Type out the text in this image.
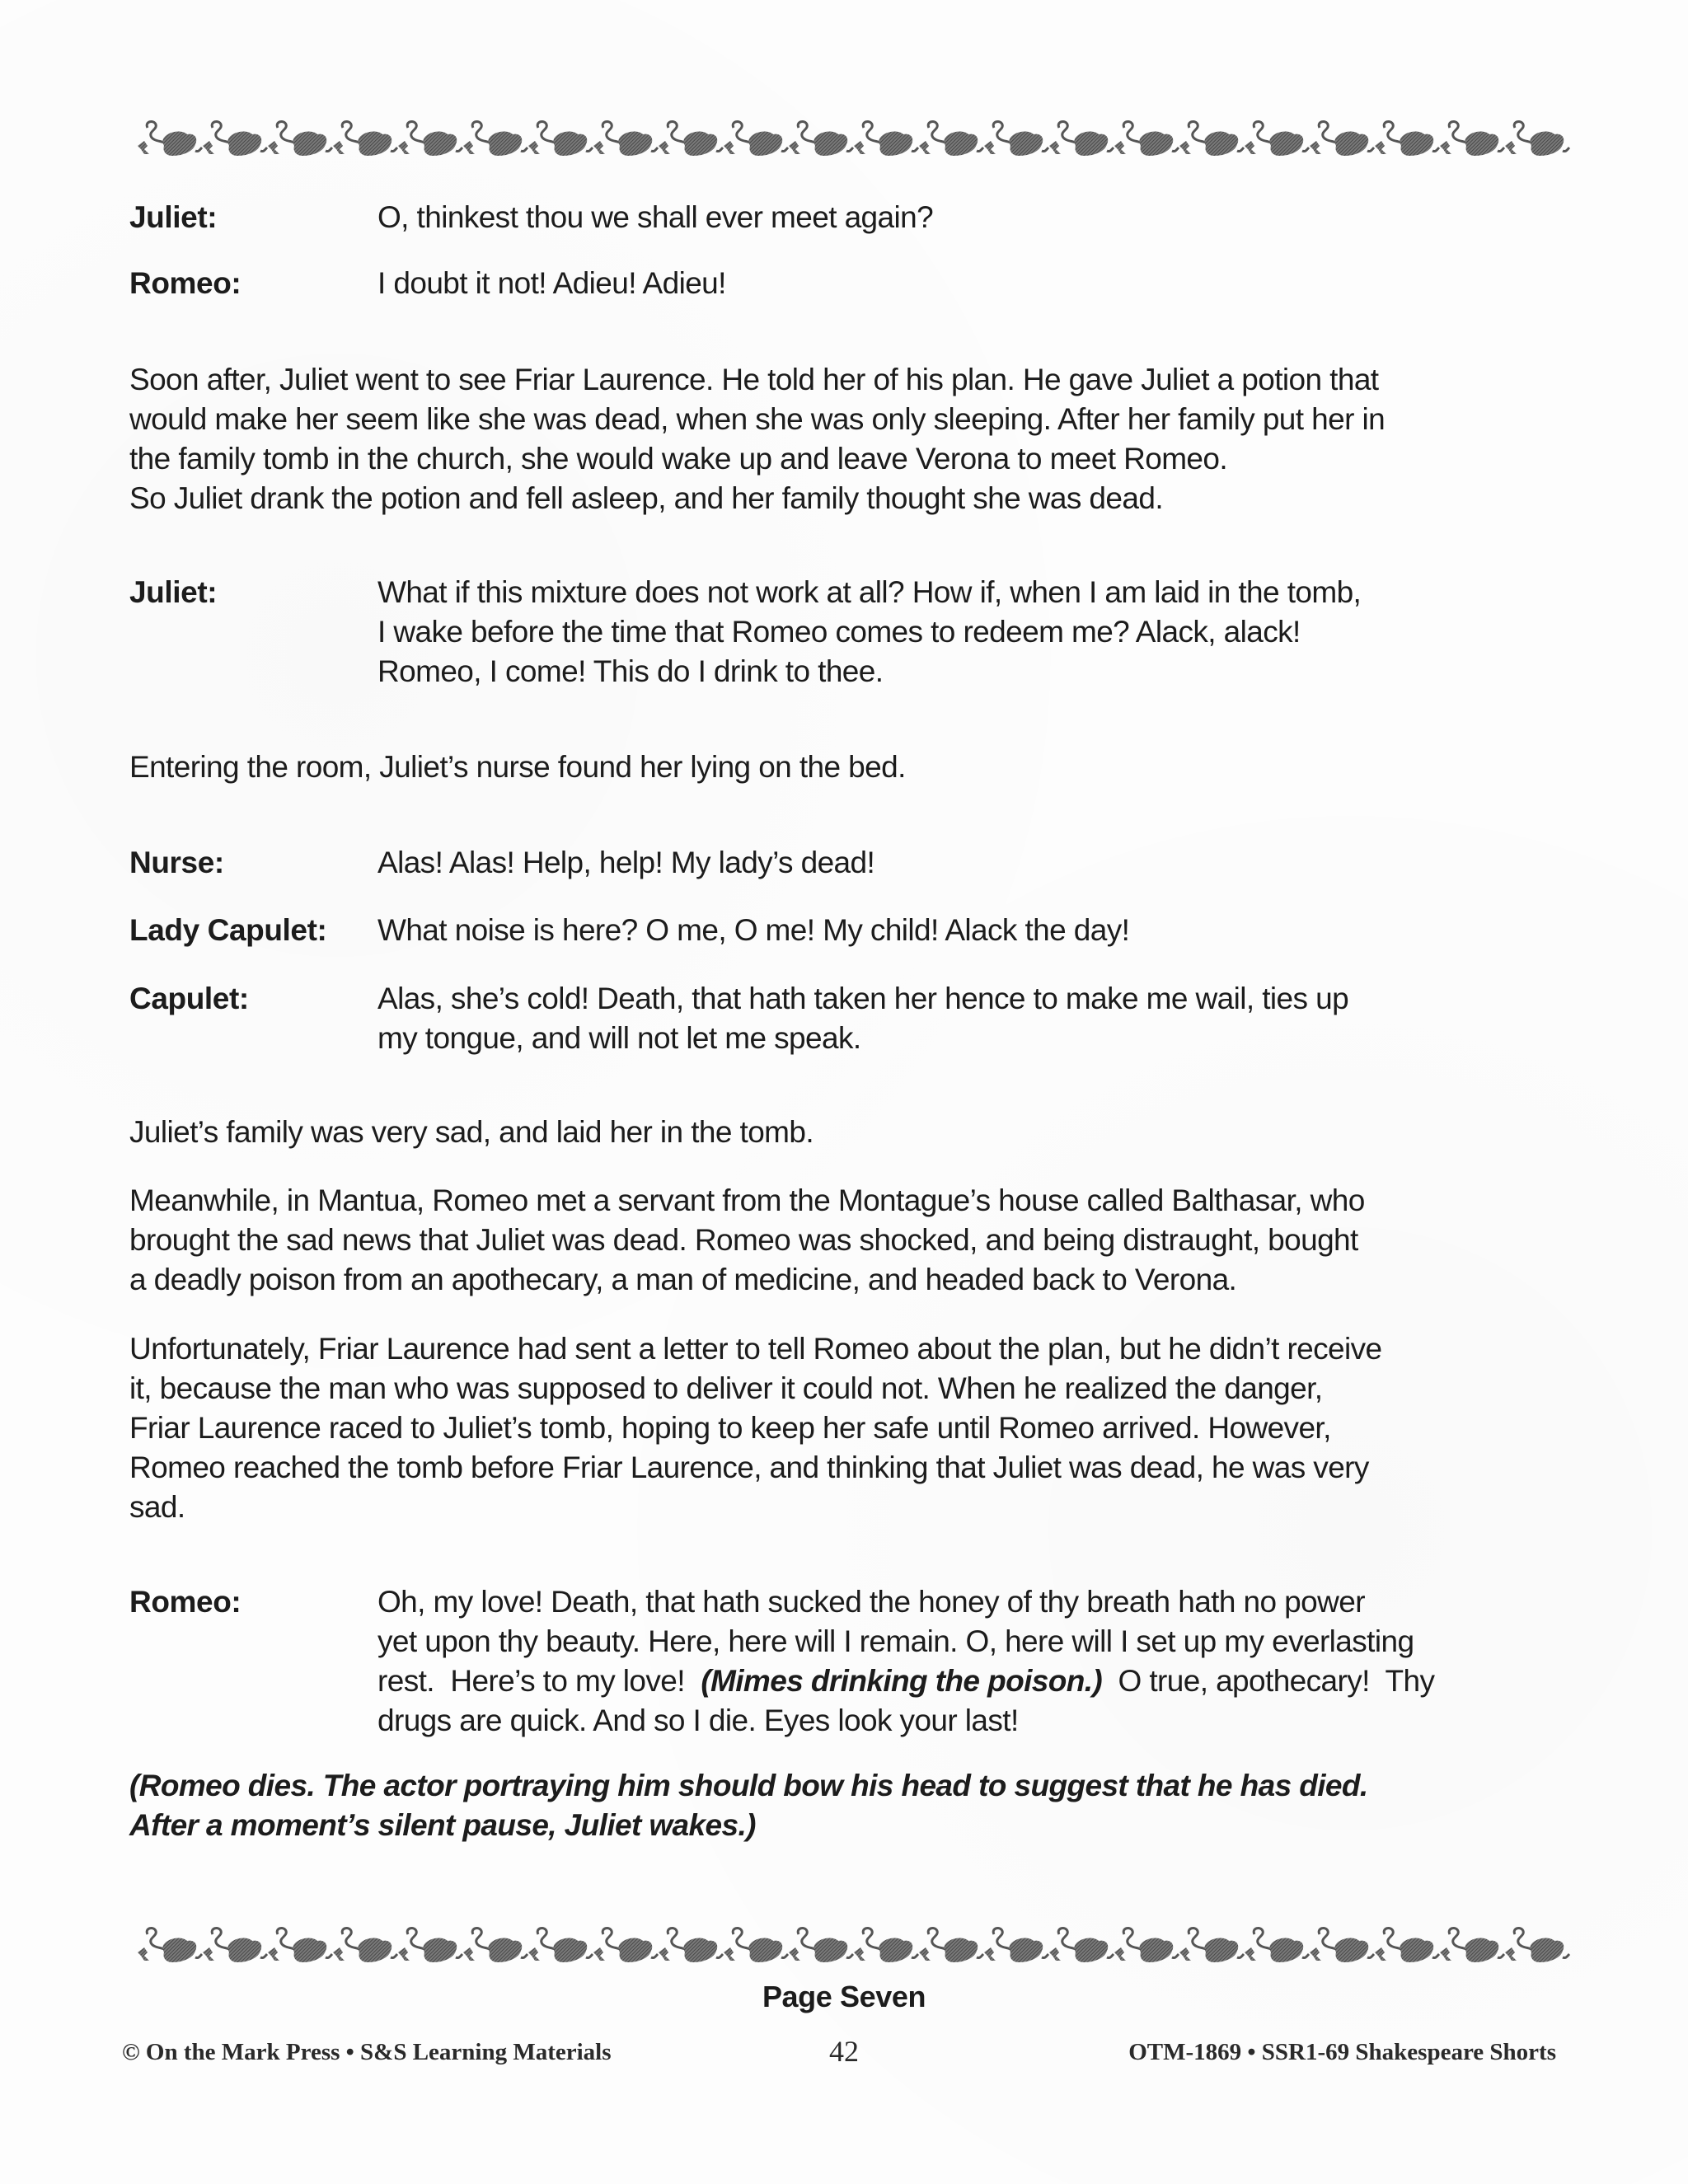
Juliet:	O, thinkest thou we shall ever meet again?
Romeo:	I doubt it not! Adieu! Adieu!
Soon after, Juliet went to see Friar Laurence. He told her of his plan. He gave Juliet a potion that
would make her seem like she was dead, when she was only sleeping. After her family put her in
the family tomb in the church, she would wake up and leave Verona to meet Romeo.
So Juliet drank the potion and fell asleep, and her family thought she was dead.
Juliet:	What if this mixture does not work at all? How if, when I am laid in the tomb,
I wake before the time that Romeo comes to redeem me? Alack, alack!
Romeo, I come! This do I drink to thee.
Entering the room, Juliet’s nurse found her lying on the bed.
Nurse:	Alas! Alas! Help, help! My lady’s dead!
Lady Capulet: What noise is here? O me, O me! My child! Alack the day!
Capulet:	Alas, she’s cold! Death, that hath taken her hence to make me wail, ties up
my tongue, and will not let me speak.
Juliet’s family was very sad, and laid her in the tomb.
Meanwhile, in Mantua, Romeo met a servant from the Montague’s house called Balthasar, who
brought the sad news that Juliet was dead. Romeo was shocked, and being distraught, bought
a deadly poison from an apothecary, a man of medicine, and headed back to Verona.
Unfortunately, Friar Laurence had sent a letter to tell Romeo about the plan, but he didn’t receive
it, because the man who was supposed to deliver it could not. When he realized the danger,
Friar Laurence raced to Juliet’s tomb, hoping to keep her safe until Romeo arrived. However,
Romeo reached the tomb before Friar Laurence, and thinking that Juliet was dead, he was very
sad.
Romeo:	Oh, my love! Death, that hath sucked the honey of thy breath hath no power
yet upon thy beauty. Here, here will I remain. O, here will I set up my everlasting
rest.  Here’s to my love!  (Mimes drinking the poison.)  O true, apothecary!  Thy
drugs are quick. And so I die. Eyes look your last!
(Romeo dies. The actor portraying him should bow his head to suggest that he has died.
After a moment’s silent pause, Juliet wakes.)
Page Seven
© On the Mark Press • S&S Learning Materials	42	OTM-1869 • SSR1-69 Shakespeare Shorts
